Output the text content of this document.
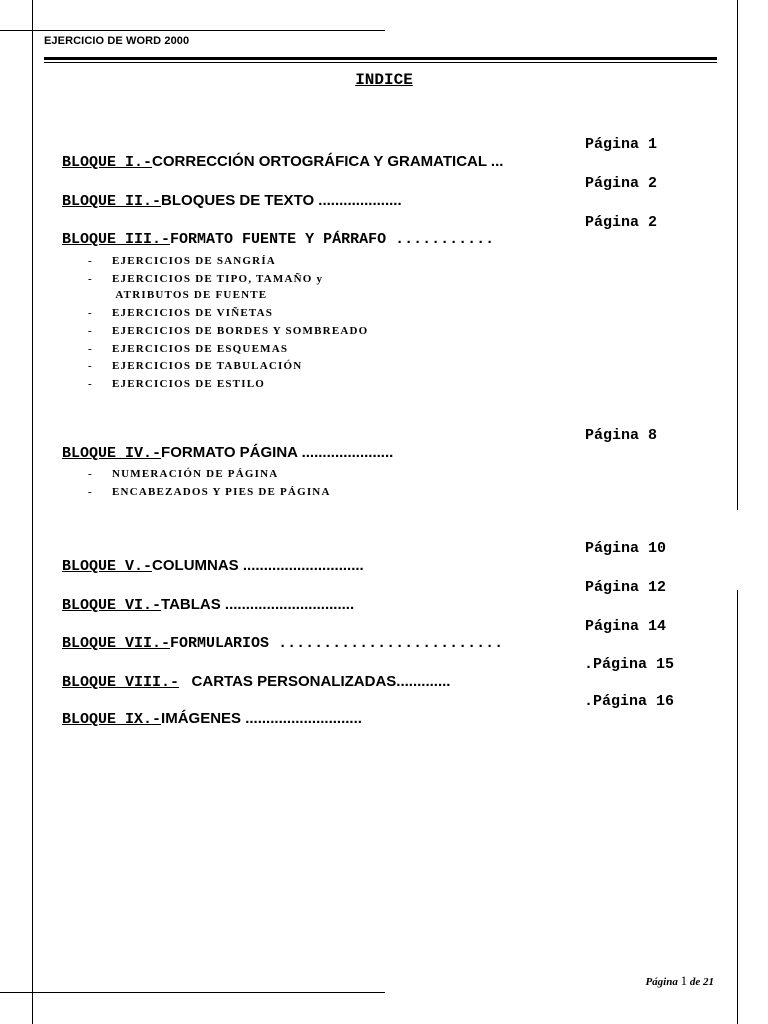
EJERCICIO DE WORD 2000
INDICE

BLOQUE I.-CORRECCIÓN ORTOGRÁFICA Y GRAMATICAL ...

Página 1

BLOQUE II.-BLOQUES DE TEXTO ....................

Página 2

BLOQUE III.-FORMATO FUENTE Y PÁRRAFO ...........

Página 2
- EJERCICIOS DE SANGRÍA
- EJERCICIOS DE TIPO, TAMAÑO y
ATRIBUTOS DE FUENTE
- EJERCICIOS DE VIÑETAS
- EJERCICIOS DE BORDES Y SOMBREADO
- EJERCICIOS DE ESQUEMAS
- EJERCICIOS DE TABULACIÓN
- EJERCICIOS DE ESTILO

BLOQUE IV.-FORMATO PÁGINA ......................

Página 8
- NUMERACIÓN DE PÁGINA
- ENCABEZADOS Y PIES DE PÁGINA

BLOQUE V.-COLUMNAS .............................

Página 10

BLOQUE VI.-TABLAS ...............................

Página 12

BLOQUE VII.-FORMULARIOS .........................

Página 14

BLOQUE VIII.-   CARTAS PERSONALIZADAS.............

.Página 15

BLOQUE IX.-IMÁGENES ............................

.Página 16
Página 1 de 21
